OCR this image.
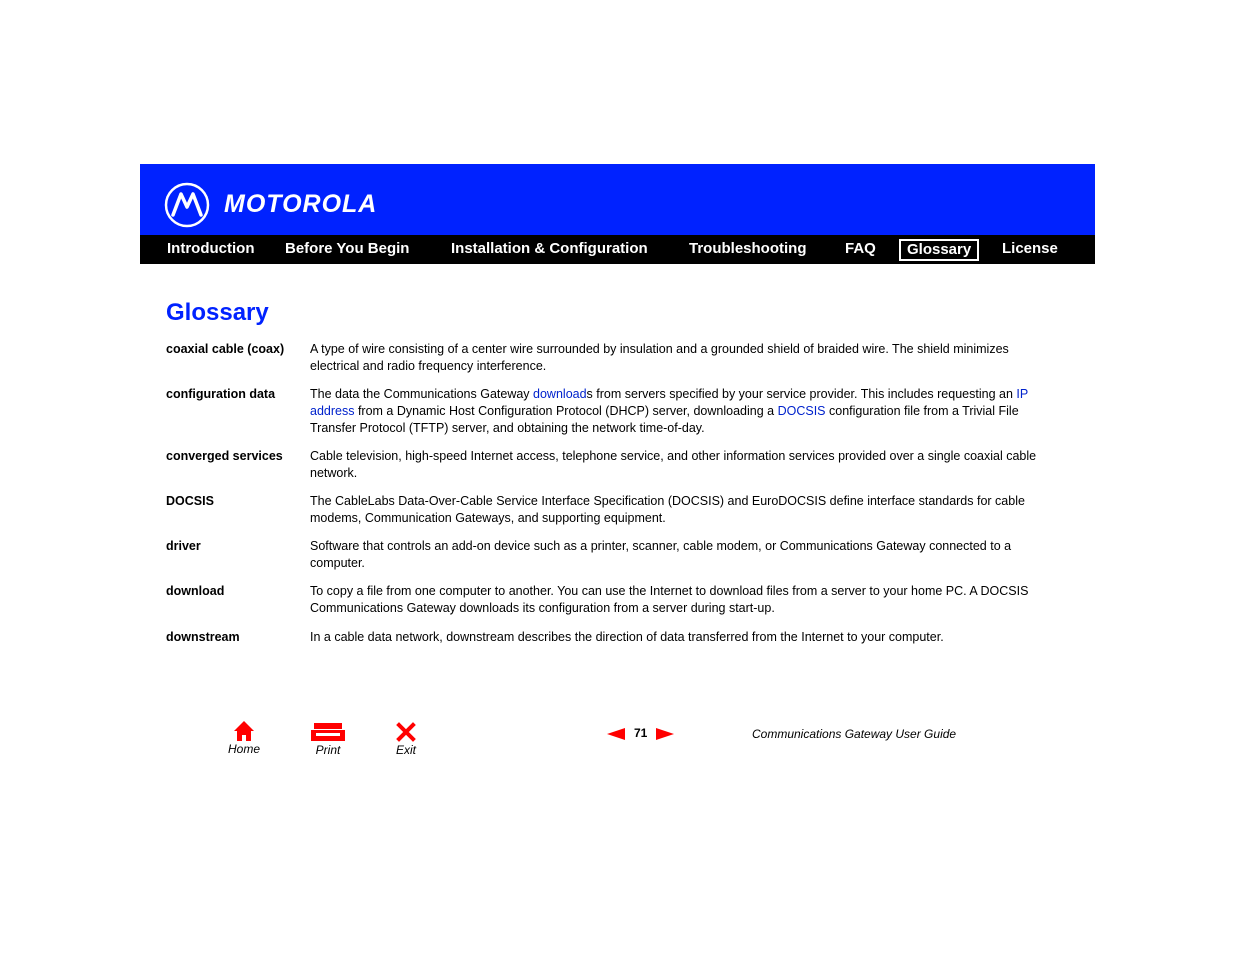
MOTOROLA
Introduction Before You Begin	Installation & Configuration	Troubleshooting	FAQ	Glossary	License
Glossary
coaxial cable (coax)	A type of wire consisting of a center wire surrounded by insulation and a grounded shield of braided wire. The shield minimizes electrical and radio frequency interference.
configuration data	The data the Communications Gateway downloads from servers specified by your service provider. This includes requesting an IP address from a Dynamic Host Configuration Protocol (DHCP) server, downloading a DOCSIS configuration file from a Trivial File Transfer Protocol (TFTP) server, and obtaining the network time-of-day.
converged services	Cable television, high-speed Internet access, telephone service, and other information services provided over a single coaxial cable network.
DOCSIS	The CableLabs Data-Over-Cable Service Interface Specification (DOCSIS) and EuroDOCSIS define interface standards for cable modems, Communication Gateways, and supporting equipment.
driver	Software that controls an add-on device such as a printer, scanner, cable modem, or Communications Gateway connected to a computer.
download	To copy a file from one computer to another. You can use the Internet to download files from a server to your home PC. A DOCSIS Communications Gateway downloads its configuration from a server during start-up.
downstream	In a cable data network, downstream describes the direction of data transferred from the Internet to your computer.
Home	Print	Exit
71	Communications Gateway User Guide
